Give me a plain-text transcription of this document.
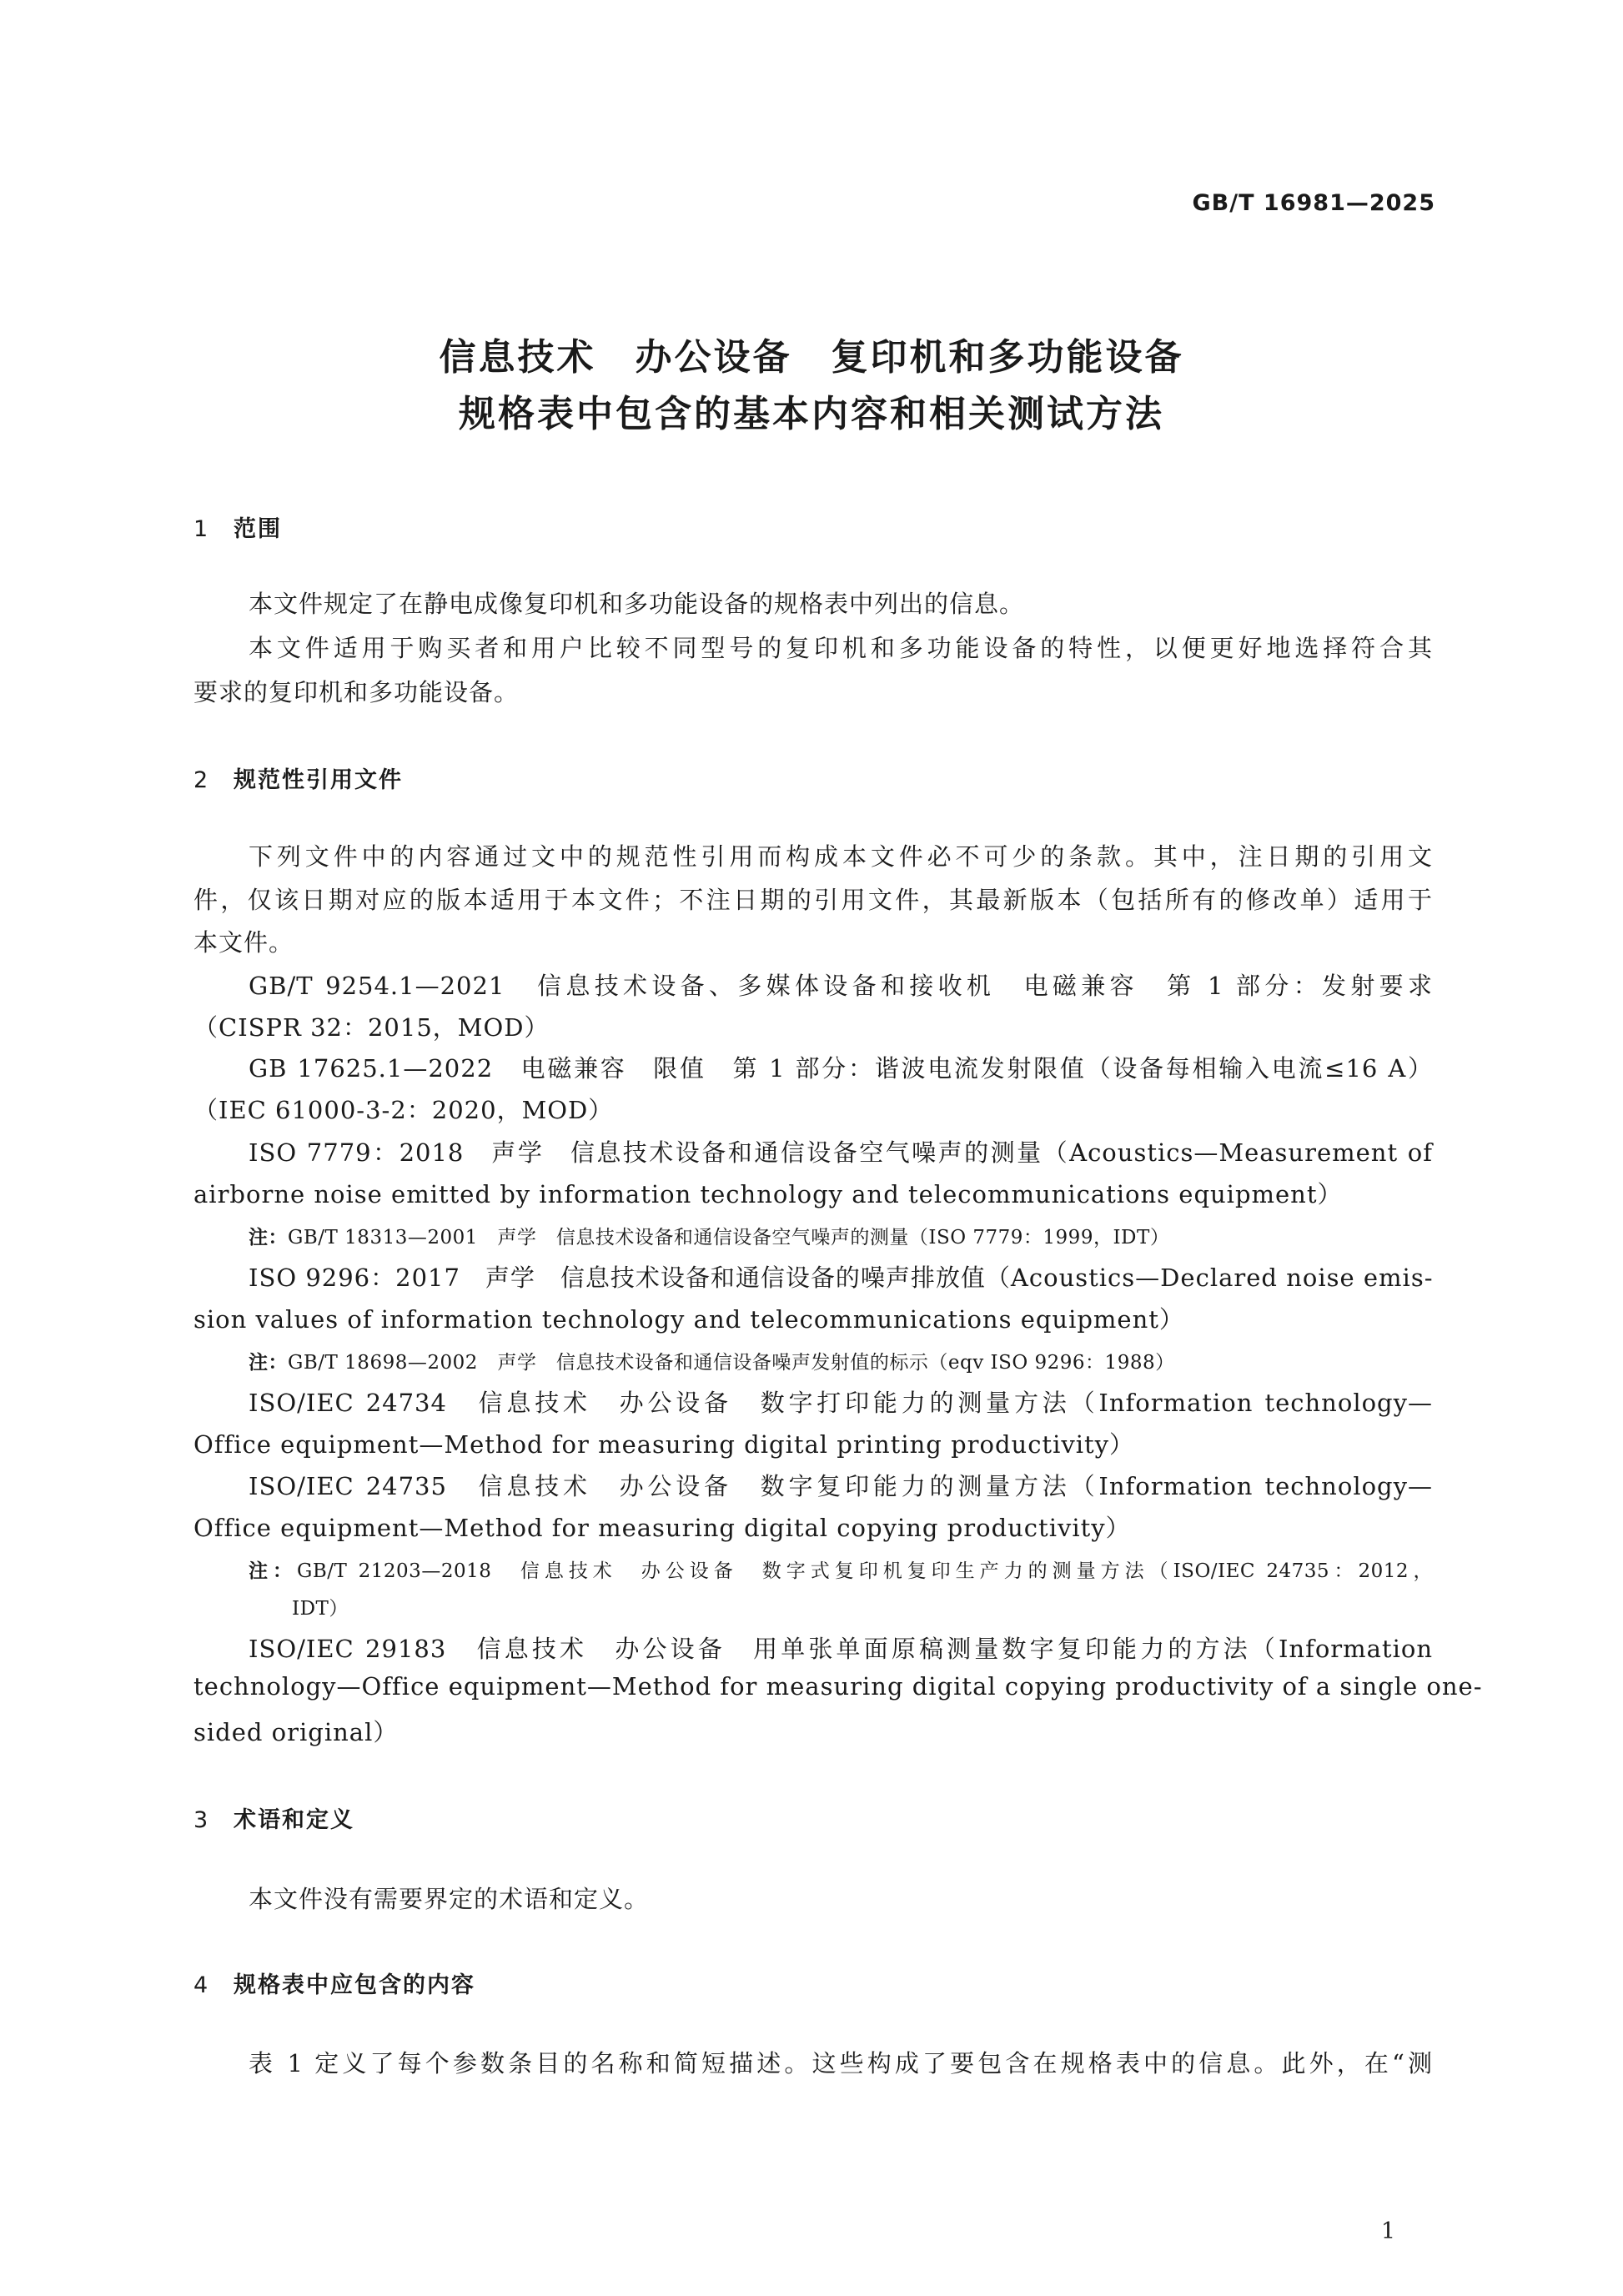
GB/T 16981—2025
信息技术　办公设备　复印机和多功能设备
规格表中包含的基本内容和相关测试方法
1 范围

本文件规定了在静电成像复印机和多功能设备的规格表中列出的信息。

本文件适用于购买者和用户比较不同型号的复印机和多功能设备的特性，以便更好地选择符合其

要求的复印机和多功能设备。

2 规范性引用文件

下列文件中的内容通过文中的规范性引用而构成本文件必不可少的条款。其中，注日期的引用文

件，仅该日期对应的版本适用于本文件；不注日期的引用文件，其最新版本（包括所有的修改单）适用于

本文件。

GB/T 9254.1—2021　信息技术设备、多媒体设备和接收机　电磁兼容　第 1 部分：发射要求

（CISPR 32：2015，MOD）

GB 17625.1—2022　电磁兼容　限值　第 1 部分：谐波电流发射限值（设备每相输入电流≤16 A）

（IEC 61000-3-2：2020，MOD）

ISO 7779：2018　声学　信息技术设备和通信设备空气噪声的测量（Acoustics—Measurement of

airborne noise emitted by information technology and telecommunications equipment）

注：GB/T 18313—2001　声学　信息技术设备和通信设备空气噪声的测量（ISO 7779：1999，IDT）

ISO 9296：2017　声学　信息技术设备和通信设备的噪声排放值（Acoustics—Declared noise emis-

sion values of information technology and telecommunications equipment）

注：GB/T 18698—2002　声学　信息技术设备和通信设备噪声发射值的标示（eqv ISO 9296：1988）

ISO/IEC 24734　信息技术　办公设备　数字打印能力的测量方法（Information technology—

Office equipment—Method for measuring digital printing productivity）

ISO/IEC 24735　信息技术　办公设备　数字复印能力的测量方法（Information technology—

Office equipment—Method for measuring digital copying productivity）

注：GB/T 21203—2018　信息技术　办公设备　数字式复印机复印生产力的测量方法（ISO/IEC 24735：2012，

IDT）

ISO/IEC 29183　信息技术　办公设备　用单张单面原稿测量数字复印能力的方法（Information

technology—Office equipment—Method for measuring digital copying productivity of a single one-

sided original）

3 术语和定义

本文件没有需要界定的术语和定义。

4 规格表中应包含的内容

表 1 定义了每个参数条目的名称和简短描述。这些构成了要包含在规格表中的信息。此外，在“测

1
